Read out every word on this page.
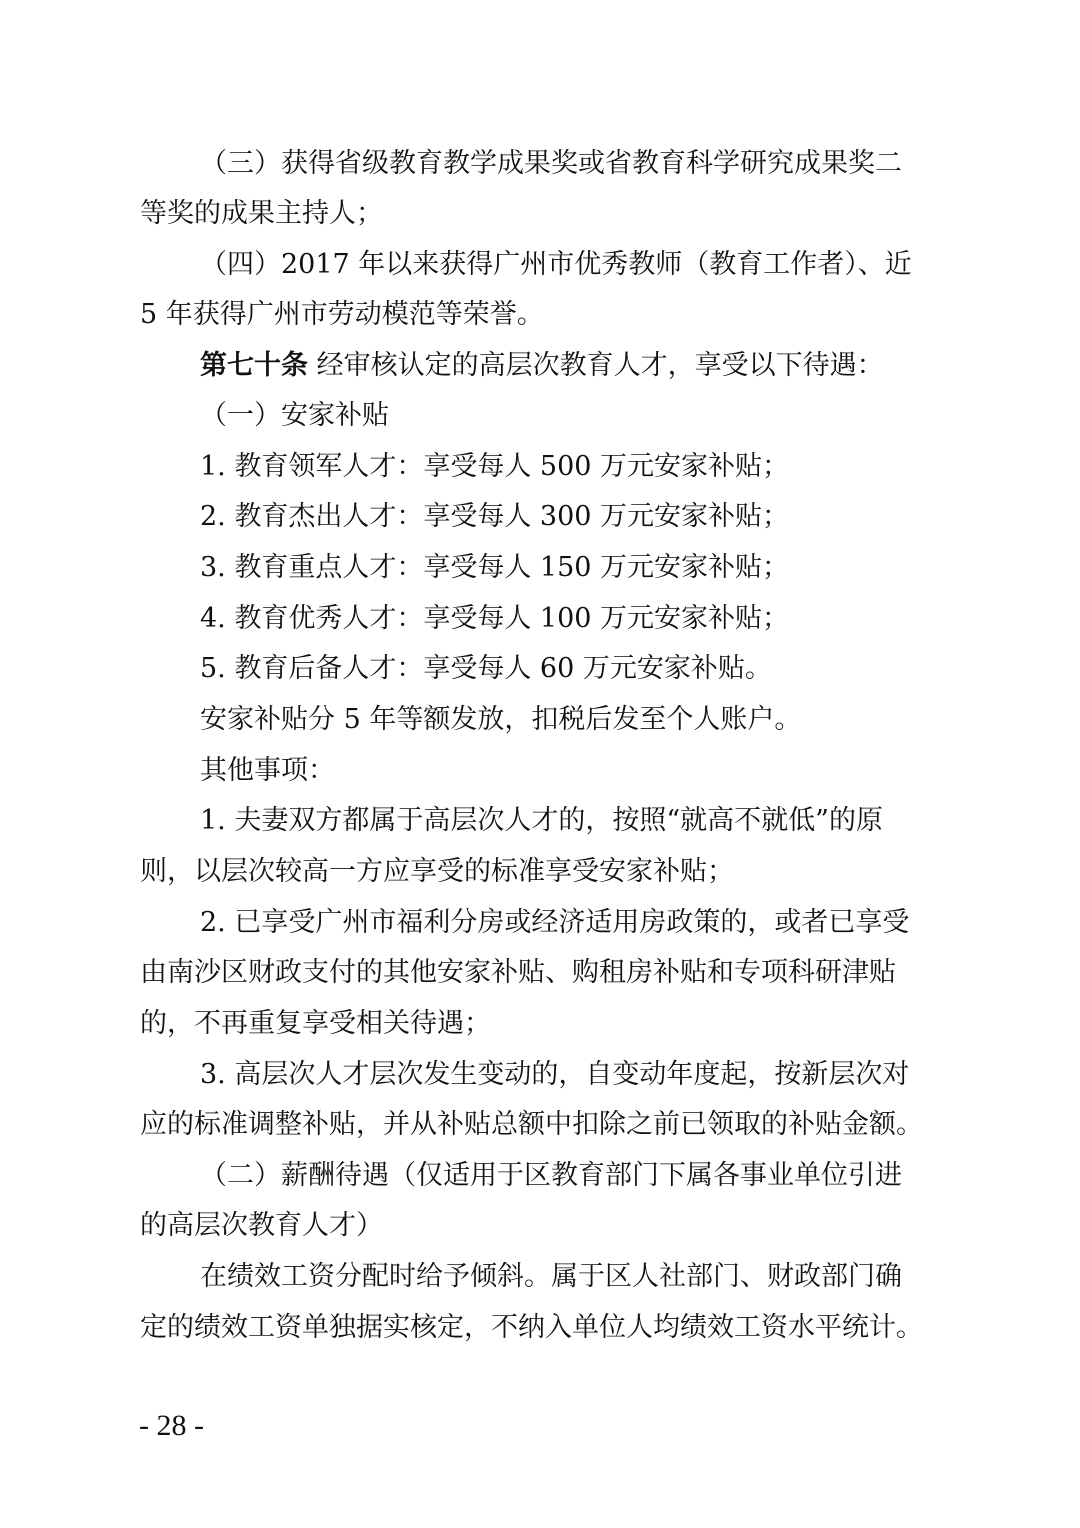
（三）获得省级教育教学成果奖或省教育科学研究成果奖二
等奖的成果主持人；
（四）2017 年以来获得广州市优秀教师（教育工作者）、近
5 年获得广州市劳动模范等荣誉。
第七十条 经审核认定的高层次教育人才，享受以下待遇：
（一）安家补贴
1. 教育领军人才：享受每人 500 万元安家补贴；
2. 教育杰出人才：享受每人 300 万元安家补贴；
3. 教育重点人才：享受每人 150 万元安家补贴；
4. 教育优秀人才：享受每人 100 万元安家补贴；
5. 教育后备人才：享受每人 60 万元安家补贴。
安家补贴分 5 年等额发放，扣税后发至个人账户。
其他事项：
1. 夫妻双方都属于高层次人才的，按照“就高不就低”的原
则，以层次较高一方应享受的标准享受安家补贴；
2. 已享受广州市福利分房或经济适用房政策的，或者已享受
由南沙区财政支付的其他安家补贴、购租房补贴和专项科研津贴
的，不再重复享受相关待遇；
3. 高层次人才层次发生变动的，自变动年度起，按新层次对
应的标准调整补贴，并从补贴总额中扣除之前已领取的补贴金额。
（二）薪酬待遇（仅适用于区教育部门下属各事业单位引进
的高层次教育人才）
在绩效工资分配时给予倾斜。属于区人社部门、财政部门确
定的绩效工资单独据实核定，不纳入单位人均绩效工资水平统计。
- 28 -
